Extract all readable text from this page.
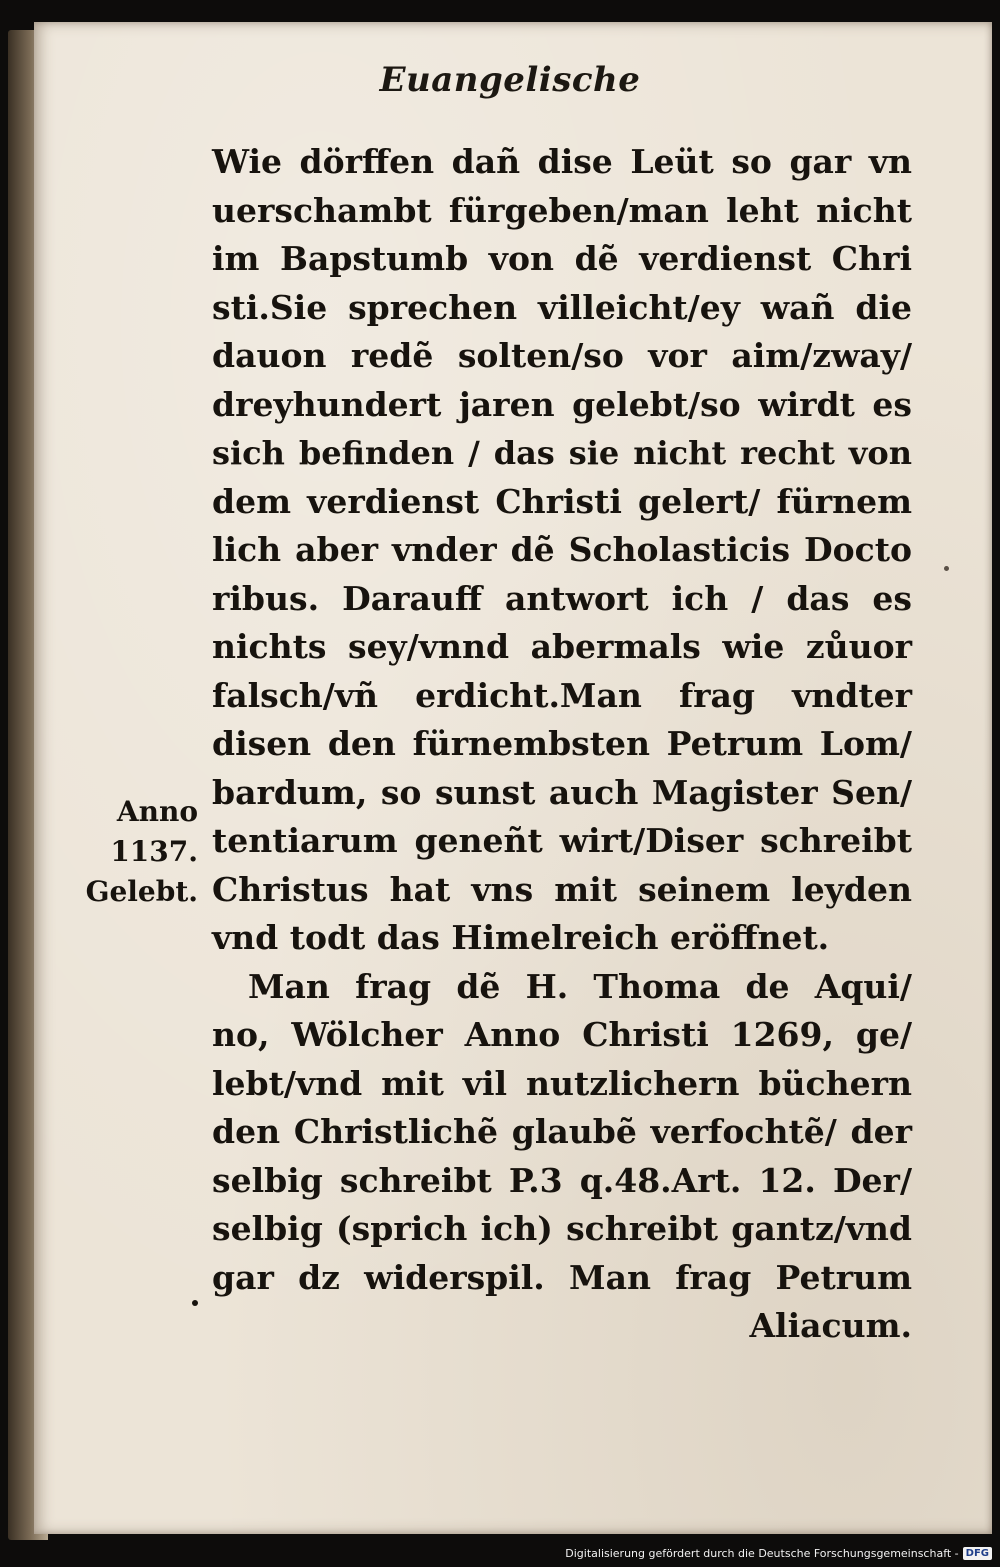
Euangelische
Wie dörffen dañ dise Leüt so gar vn
uerschambt fürgeben/man leht nicht
im Bapstumb von dẽ verdienst Chri
sti.Sie sprechen villeicht/ey wañ die
dauon redẽ solten/so vor aim/zway/
dreyhundert jaren gelebt/so wirdt es
sich befinden / das sie nicht recht von
dem verdienst Christi gelert/ fürnem
lich aber vnder dẽ Scholasticis Docto
ribus. Darauff antwort ich / das es
nichts sey/vnnd abermals wie zůuor
falsch/vñ erdicht.Man frag vndter
disen den fürnembsten Petrum Lom/
bardum, so sunst auch Magister Sen/
tentiarum geneñt wirt/Diser schreibt
Christus hat vns mit seinem leyden
vnd todt das Himelreich eröffnet.
Man frag dẽ H. Thoma de Aqui/
no, Wölcher Anno Christi 1269, ge/
lebt/vnd mit vil nutzlichern büchern
den Christlichẽ glaubẽ verfochtẽ/ der
selbig schreibt P.3 q.48.Art. 12. Der/
selbig (sprich ich) schreibt gantz/vnd
gar dz widerspil. Man frag Petrum
Aliacum.
Anno
1137.
Gelebt.
Digitalisierung gefördert durch die Deutsche Forschungsgemeinschaft - DFG
